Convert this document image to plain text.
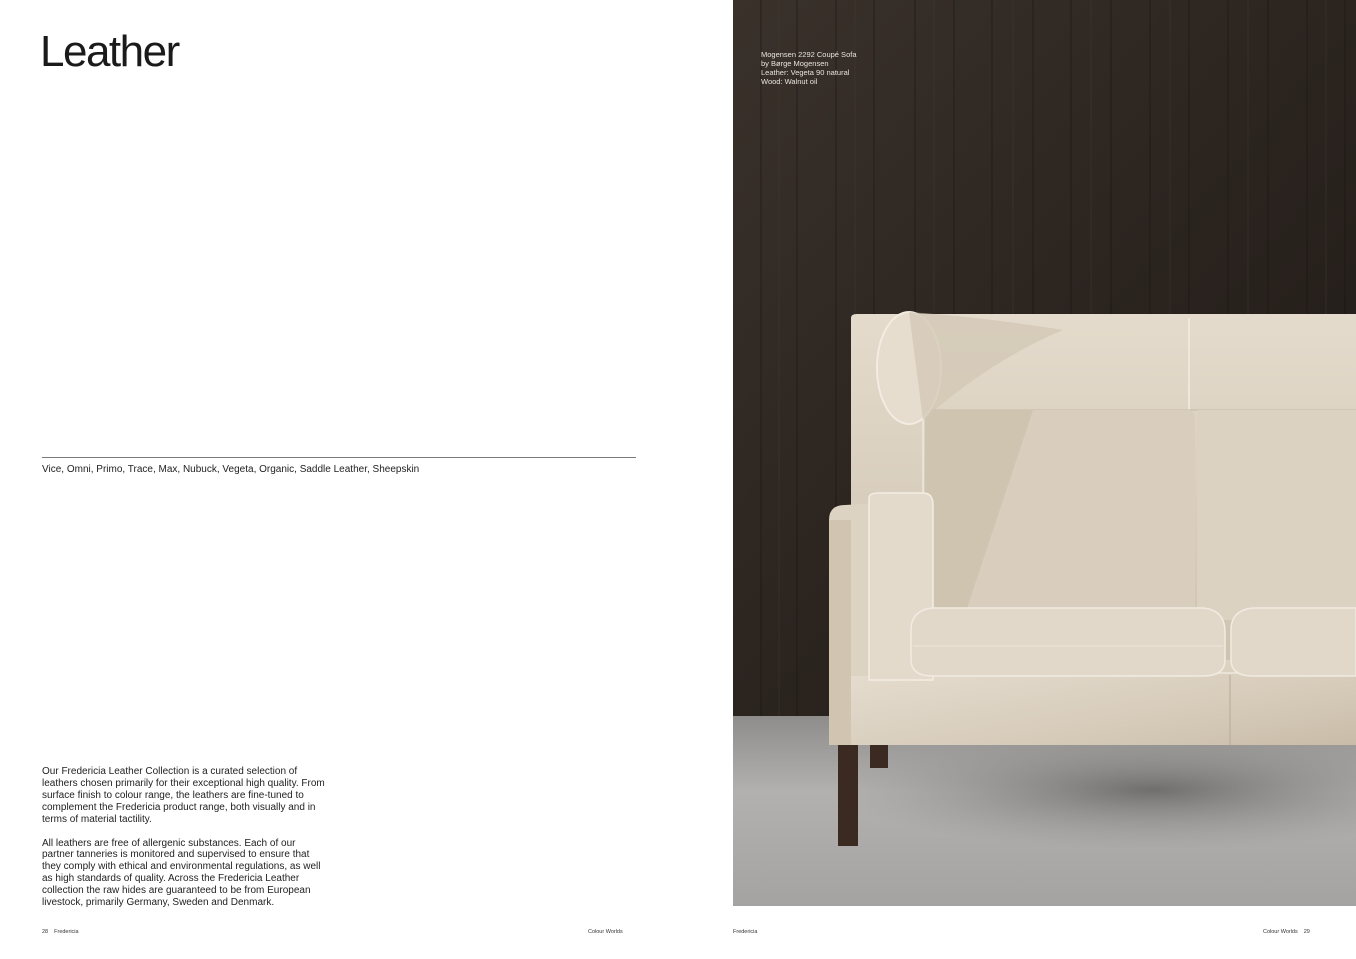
Leather
Vice, Omni, Primo, Trace, Max, Nubuck, Vegeta, Organic, Saddle Leather, Sheepskin

Our Fredericia Leather Collection is a curated selection of leathers chosen primarily for their exceptional high quality. From surface finish to colour range, the leathers are fine-tuned to complement the Fredericia product range, both visually and in terms of material tactility.

All leathers are free of allergenic substances. Each of our partner tanneries is monitored and supervised to ensure that they comply with ethical and environmental regulations, as well as high standards of quality. Across the Fredericia Leather collection the raw hides are guaranteed to be from European livestock, primarily Germany, Sweden and Denmark.

28 Fredericia	Colour Worlds
Mogensen 2292 Coupé Sofa
by Børge Mogensen
Leather: Vegeta 90 natural
Wood: Walnut oil
Fredericia	Colour Worlds 29
